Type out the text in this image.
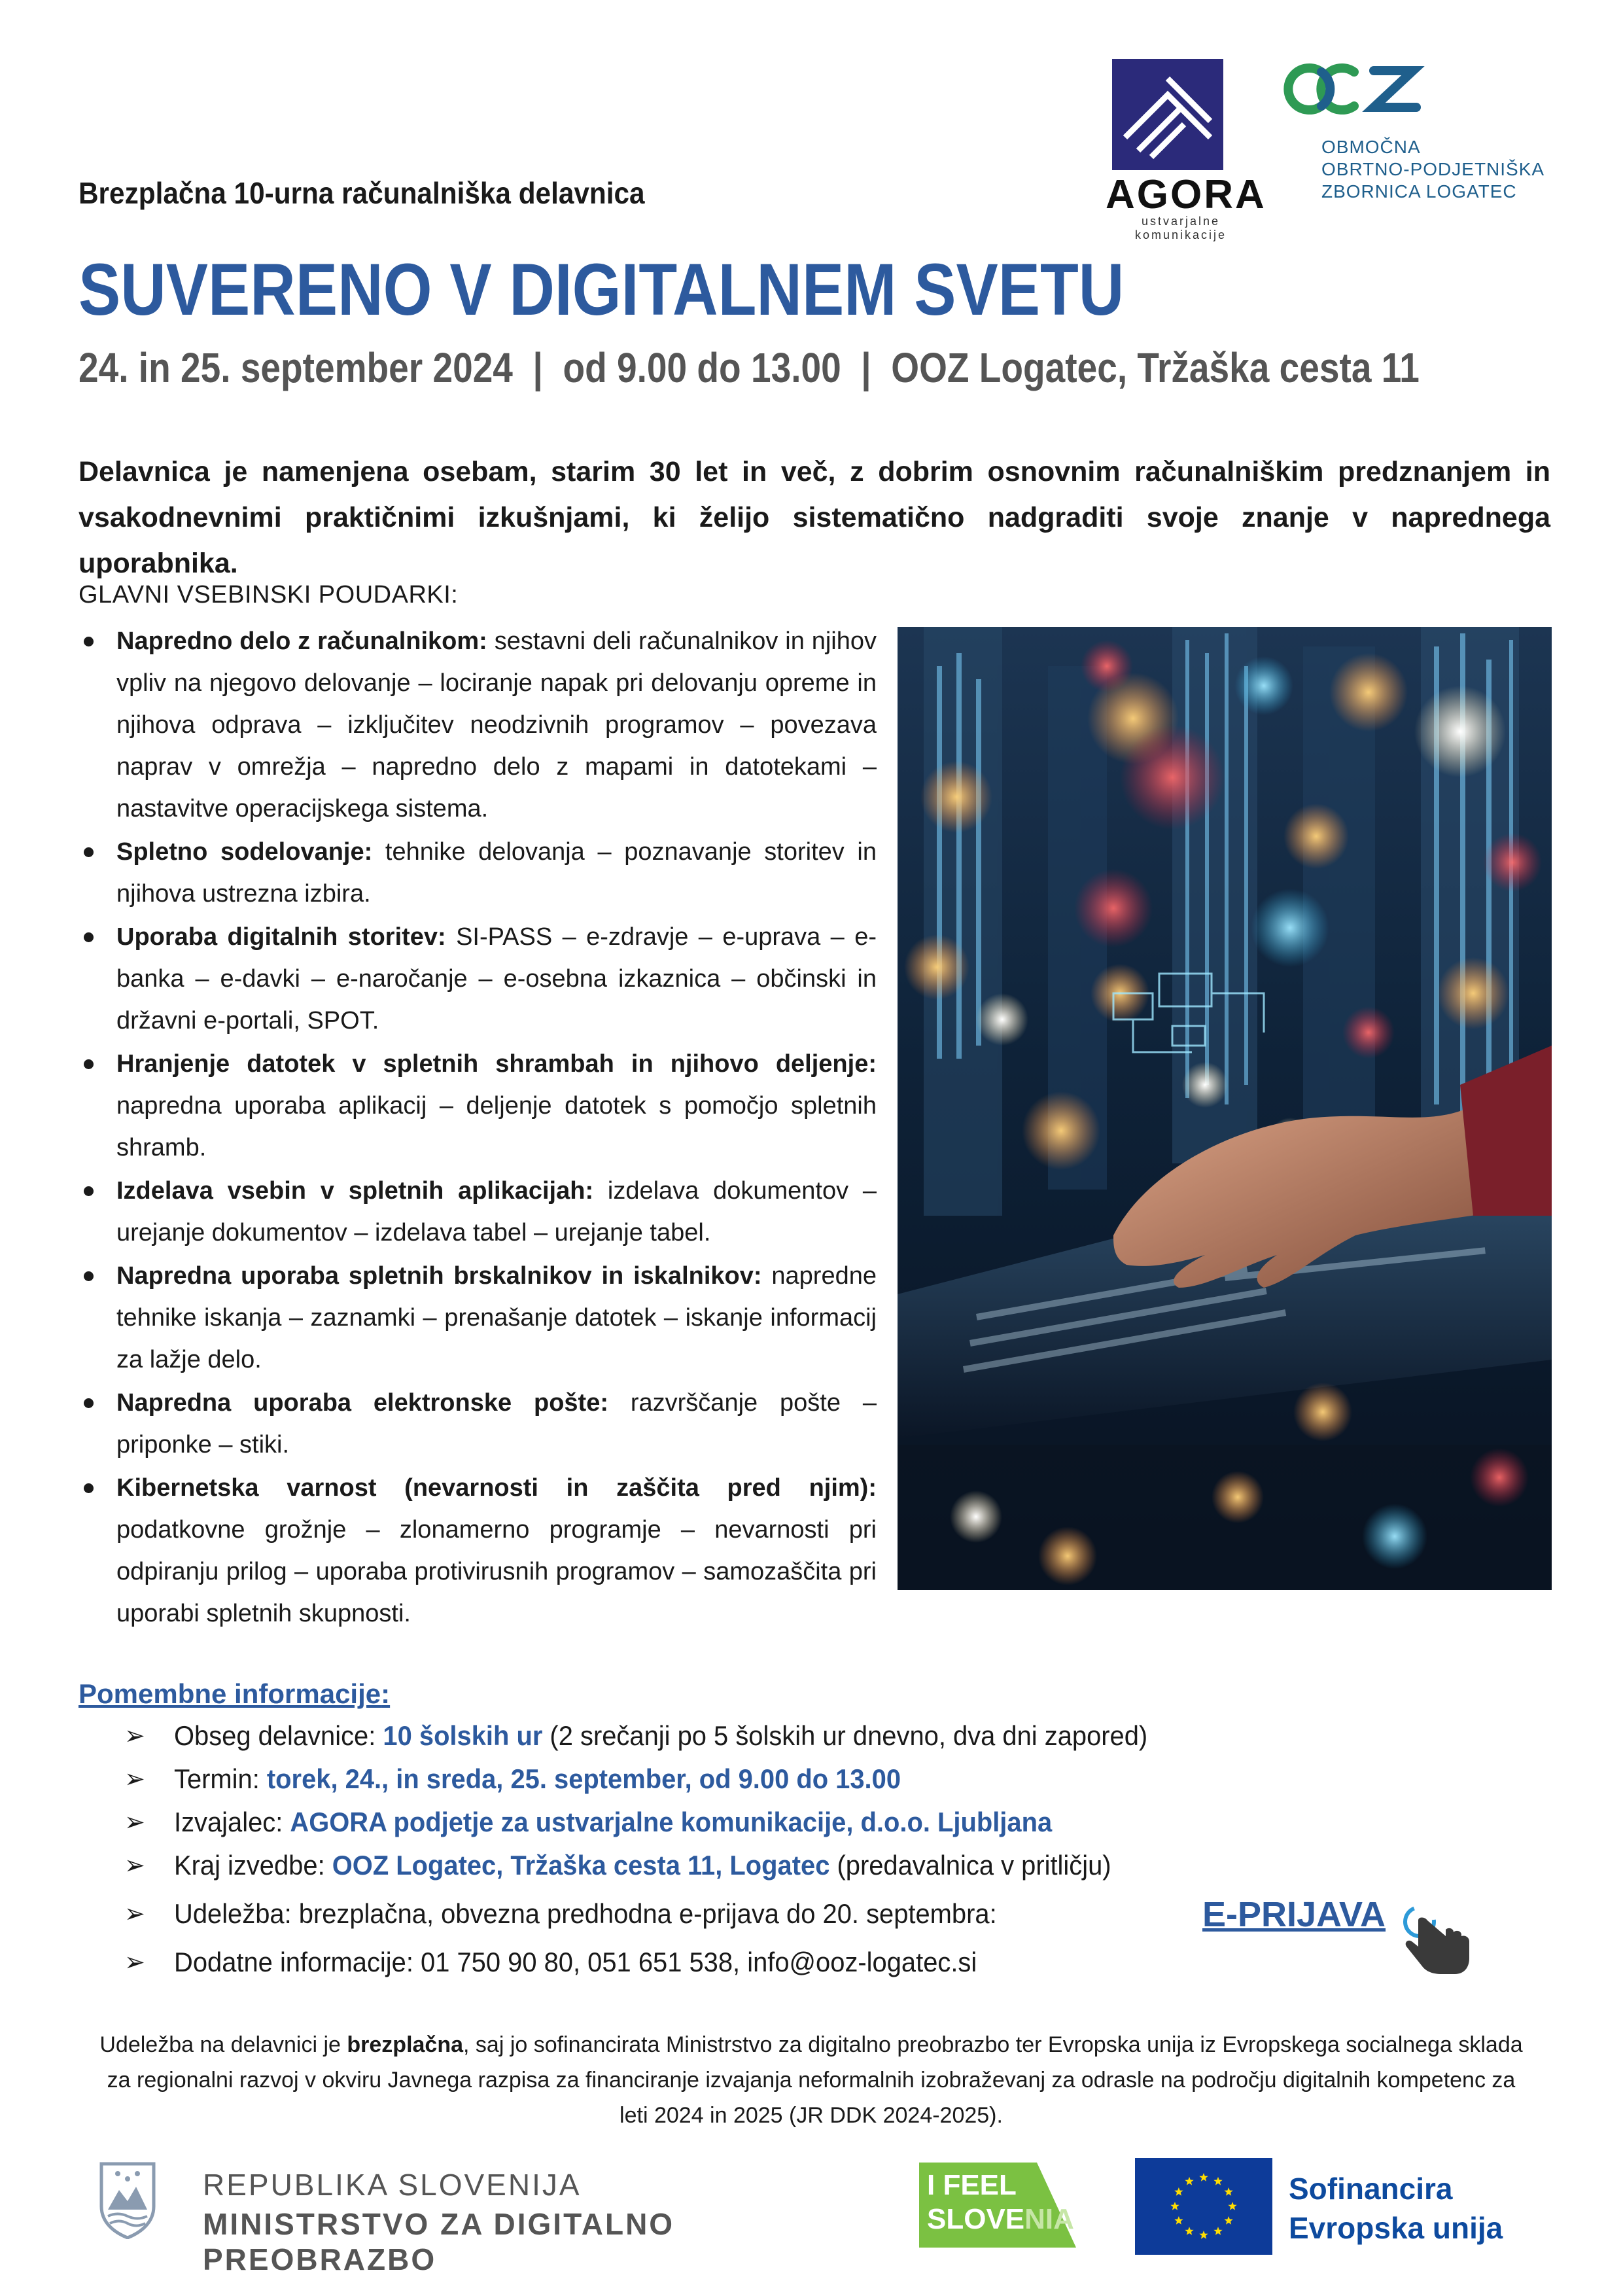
AGORA
ustvarjalne komunikacije
OBMOČNA
OBRTNO-PODJETNIŠKA
ZBORNICA LOGATEC
Brezplačna 10-urna računalniška delavnica
SUVERENO V DIGITALNEM SVETU
24. in 25. september 2024  |  od 9.00 do 13.00  |  OOZ Logatec, Tržaška cesta 11
Delavnica je namenjena osebam, starim 30 let in več, z dobrim osnovnim računalniškim predznanjem in vsakodnevnimi praktičnimi izkušnjami, ki želijo sistematično nadgraditi svoje znanje v naprednega uporabnika.
GLAVNI VSEBINSKI POUDARKI:
Napredno delo z računalnikom: sestavni deli računalnikov in njihov vpliv na njegovo delovanje – lociranje napak pri delovanju opreme in njihova odprava – izključitev neodzivnih programov – povezava naprav v omrežja – napredno delo z mapami in datotekami – nastavitve operacijskega sistema.
Spletno sodelovanje: tehnike delovanja – poznavanje storitev in njihova ustrezna izbira.
Uporaba digitalnih storitev: SI-PASS – e-zdravje – e-uprava – e-banka – e-davki – e-naročanje – e-osebna izkaznica – občinski in državni e-portali, SPOT.
Hranjenje datotek v spletnih shrambah in njihovo deljenje: napredna uporaba aplikacij – deljenje datotek s pomočjo spletnih shramb.
Izdelava vsebin v spletnih aplikacijah: izdelava dokumentov – urejanje dokumentov – izdelava tabel – urejanje tabel.
Napredna uporaba spletnih brskalnikov in iskalnikov: napredne tehnike iskanja – zaznamki – prenašanje datotek – iskanje informacij za lažje delo.
Napredna uporaba elektronske pošte: razvrščanje pošte – priponke – stiki.
Kibernetska varnost (nevarnosti in zaščita pred njim): podatkovne grožnje – zlonamerno programje – nevarnosti pri odpiranju prilog – uporaba protivirusnih programov – samozaščita pri uporabi spletnih skupnosti.
Pomembne informacije:
➢ Obseg delavnice: 10 šolskih ur (2 srečanji po 5 šolskih ur dnevno, dva dni zapored)
➢ Termin: torek, 24., in sreda, 25. september, od 9.00 do 13.00
➢ Izvajalec: AGORA podjetje za ustvarjalne komunikacije, d.o.o. Ljubljana
➢ Kraj izvedbe: OOZ Logatec, Tržaška cesta 11, Logatec (predavalnica v pritličju)
➢ Udeležba: brezplačna, obvezna predhodna e-prijava do 20. septembra:
➢ Dodatne informacije: 01 750 90 80, 051 651 538, info@ooz-logatec.si
E-PRIJAVA
Udeležba na delavnici je brezplačna, saj jo sofinancirata Ministrstvo za digitalno preobrazbo ter Evropska unija iz Evropskega socialnega sklada za regionalni razvoj v okviru Javnega razpisa za financiranje izvajanja neformalnih izobraževanj za odrasle na področju digitalnih kompetenc za leti 2024 in 2025 (JR DDK 2024-2025).
REPUBLIKA SLOVENIJA
MINISTRSTVO ZA DIGITALNO PREOBRAZBO
I FEEL
SLOVENIA
Sofinancira
Evropska unija
